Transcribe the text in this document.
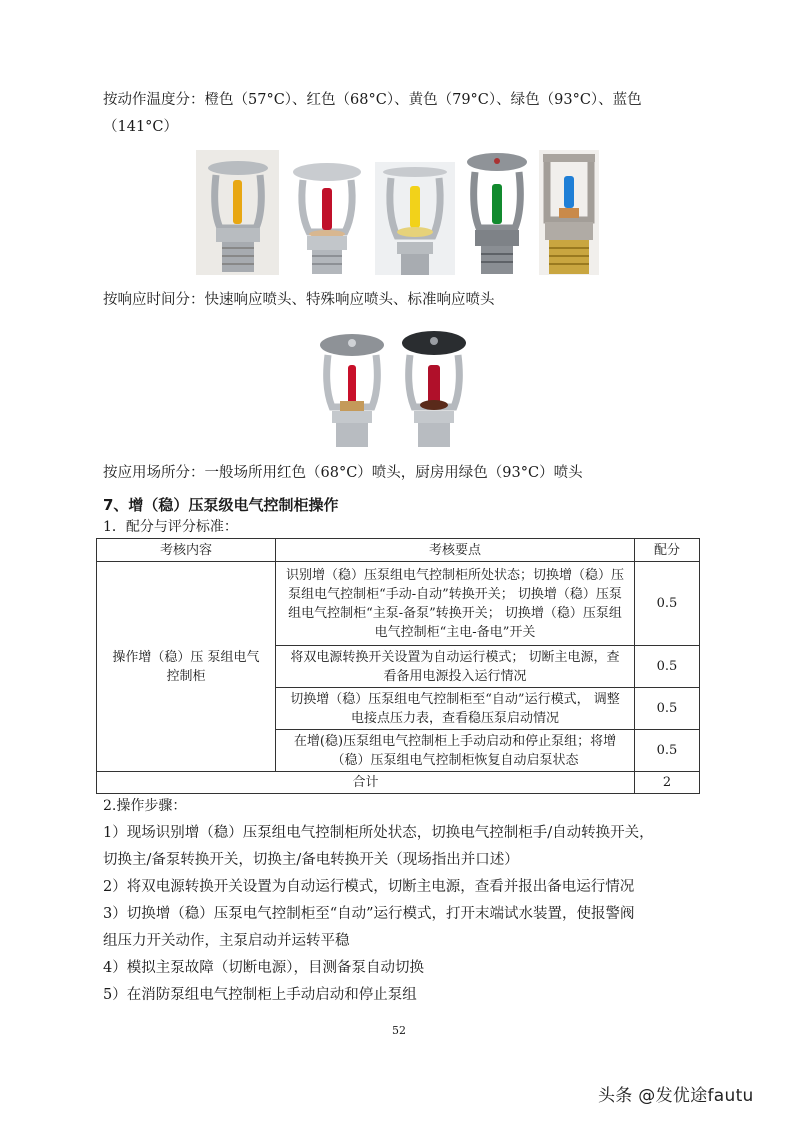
按动作温度分：橙色（57°C）、红色（68°C）、黄色（79°C）、绿色（93°C）、蓝色
（141°C）
按响应时间分：快速响应喷头、特殊响应喷头、标准响应喷头
按应用场所分：一般场所用红色（68°C）喷头，厨房用绿色（93°C）喷头
7、增（稳）压泵级电气控制柜操作
1．配分与评分标准：
考核内容	考核要点	配分
操作增（稳）压 泵组电气控制柜	识别增（稳）压泵组电气控制柜所处状态；切换增（稳）压泵组电气控制柜“手动-自动”转换开关； 切换增（稳）压泵组电气控制柜“主泵-备泵”转换开关； 切换增（稳）压泵组电气控制柜“主电-备电”开关	0.5
	将双电源转换开关设置为自动运行模式； 切断主电源，查看备用电源投入运行情况	0.5
	切换增（稳）压泵组电气控制柜至“自动”运行模式， 调整电接点压力表，查看稳压泵启动情况	0.5
	在增(稳)压泵组电气控制柜上手动启动和停止泵组；将增（稳）压泵组电气控制柜恢复自动启泵状态	0.5
合计		2
2.操作步骤：
1）现场识别增（稳）压泵组电气控制柜所处状态，切换电气控制柜手/自动转换开关，
切换主/备泵转换开关，切换主/备电转换开关（现场指出并口述）
2）将双电源转换开关设置为自动运行模式，切断主电源，查看并报出备电运行情况
3）切换增（稳）压泵电气控制柜至“自动”运行模式，打开末端试水装置，使报警阀
组压力开关动作，主泵启动并运转平稳
4）模拟主泵故障（切断电源），目测备泵自动切换
5）在消防泵组电气控制柜上手动启动和停止泵组
52
头条 @发优途fautu
